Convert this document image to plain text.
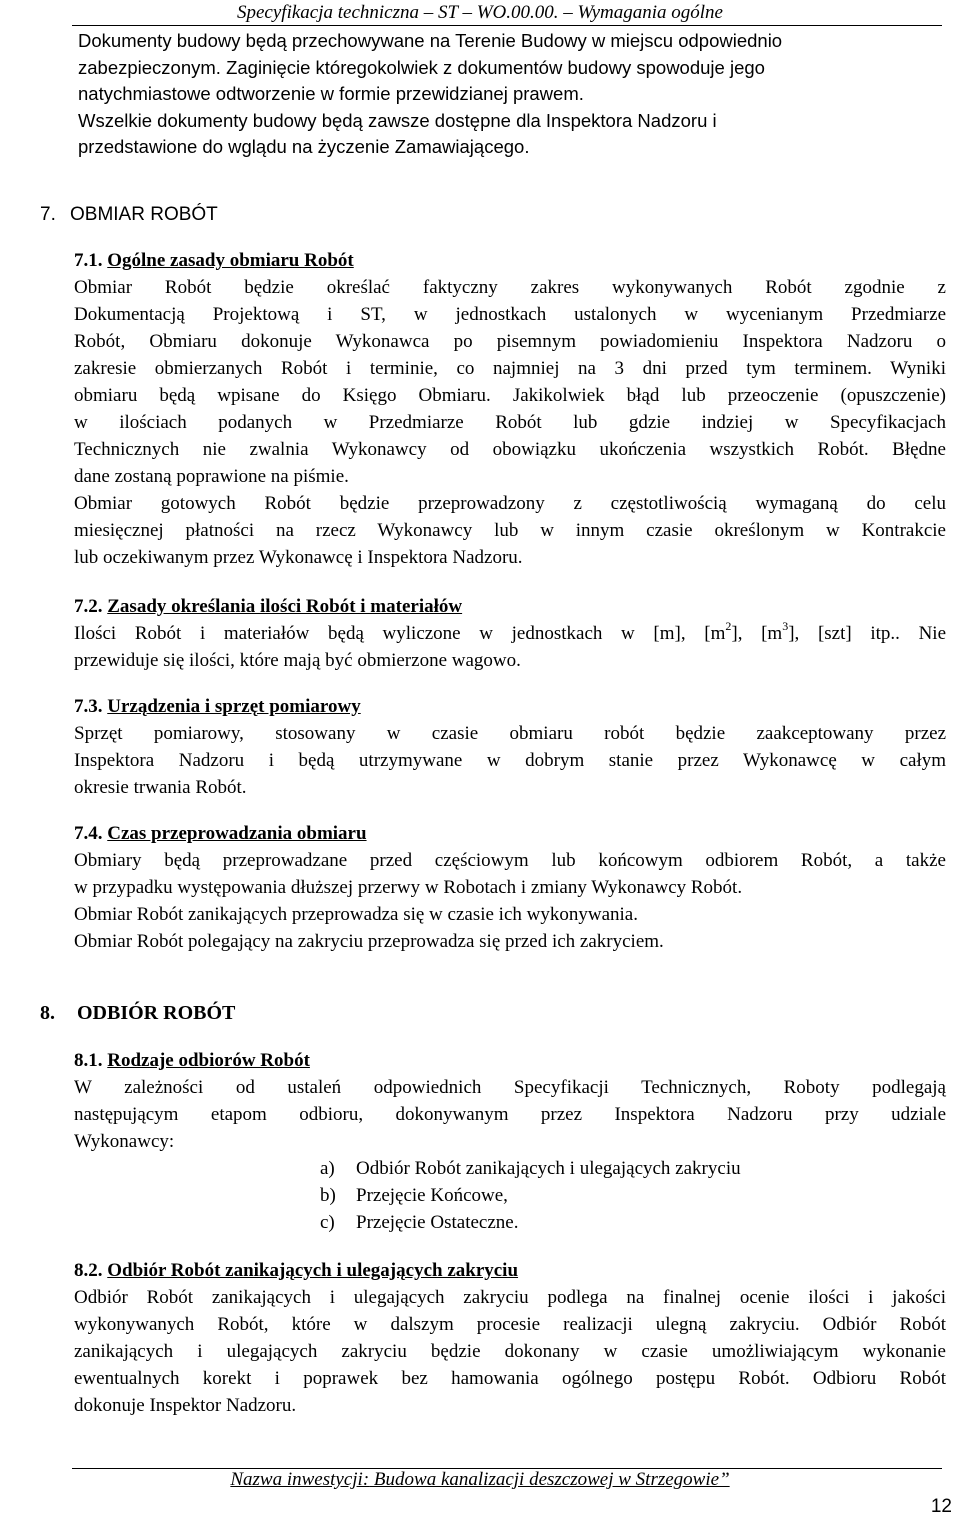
Specyfikacja techniczna – ST – WO.00.00. – Wymagania ogólne
Dokumenty budowy będą przechowywane na Terenie Budowy w miejscu odpowiednio
zabezpieczonym. Zaginięcie któregokolwiek z dokumentów budowy spowoduje jego
natychmiastowe odtworzenie w formie przewidzianej prawem.
Wszelkie dokumenty budowy będą zawsze dostępne dla Inspektora Nadzoru i
przedstawione do wglądu na życzenie Zamawiającego.
7. OBMIAR ROBÓT
7.1. Ogólne zasady obmiaru Robót

Obmiar Robót będzie określać faktyczny zakres wykonywanych Robót zgodnie z
Dokumentacją Projektową i ST, w jednostkach ustalonych w wycenianym Przedmiarze
Robót, Obmiaru dokonuje Wykonawca po pisemnym powiadomieniu Inspektora Nadzoru o
zakresie obmierzanych Robót i terminie, co najmniej na 3 dni przed tym terminem. Wyniki
obmiaru będą wpisane do Księgo Obmiaru. Jakikolwiek błąd lub przeoczenie (opuszczenie)
w ilościach podanych w Przedmiarze Robót lub gdzie indziej w Specyfikacjach
Technicznych nie zwalnia Wykonawcy od obowiązku ukończenia wszystkich Robót. Błędne
dane zostaną poprawione na piśmie.

Obmiar gotowych Robót będzie przeprowadzony z częstotliwością wymaganą do celu
miesięcznej płatności na rzecz Wykonawcy lub w innym czasie określonym w Kontrakcie
lub oczekiwanym przez Wykonawcę i Inspektora Nadzoru.

7.2. Zasady określania ilości Robót i materiałów

Ilości Robót i materiałów będą wyliczone w jednostkach w [m], $[m^2]$, $[m^3]$, [szt] itp.. Nie
przewiduje się ilości, które mają być obmierzone wagowo.

7.3. Urządzenia i sprzęt pomiarowy

Sprzęt pomiarowy, stosowany w czasie obmiaru robót będzie zaakceptowany przez
Inspektora Nadzoru i będą utrzymywane w dobrym stanie przez Wykonawcę w całym
okresie trwania Robót.

7.4. Czas przeprowadzania obmiaru

Obmiary będą przeprowadzane przed częściowym lub końcowym odbiorem Robót, a także
w przypadku występowania dłuższej przerwy w Robotach i zmiany Wykonawcy Robót.
Obmiar Robót zanikających przeprowadza się w czasie ich wykonywania.
Obmiar Robót polegający na zakryciu przeprowadza się przed ich zakryciem.

8. ODBIÓR ROBÓT
8.1. Rodzaje odbiorów Robót

W zależności od ustaleń odpowiednich Specyfikacji Technicznych, Roboty podlegają
następującym etapom odbioru, dokonywanym przez Inspektora Nadzoru przy udziale
Wykonawcy:

a) Odbiór Robót zanikających i ulegających zakryciu
b) Przejęcie Końcowe,
c) Przejęcie Ostateczne.
8.2. Odbiór Robót zanikających i ulegających zakryciu

Odbiór Robót zanikających i ulegających zakryciu podlega na finalnej ocenie ilości i jakości
wykonywanych Robót, które w dalszym procesie realizacji ulegną zakryciu. Odbiór Robót
zanikających i ulegających zakryciu będzie dokonany w czasie umożliwiającym wykonanie
ewentualnych korekt i poprawek bez hamowania ogólnego postępu Robót. Odbioru Robót
dokonuje Inspektor Nadzoru.

Nazwa inwestycji: Budowa kanalizacji deszczowej w Strzegowie”
12
